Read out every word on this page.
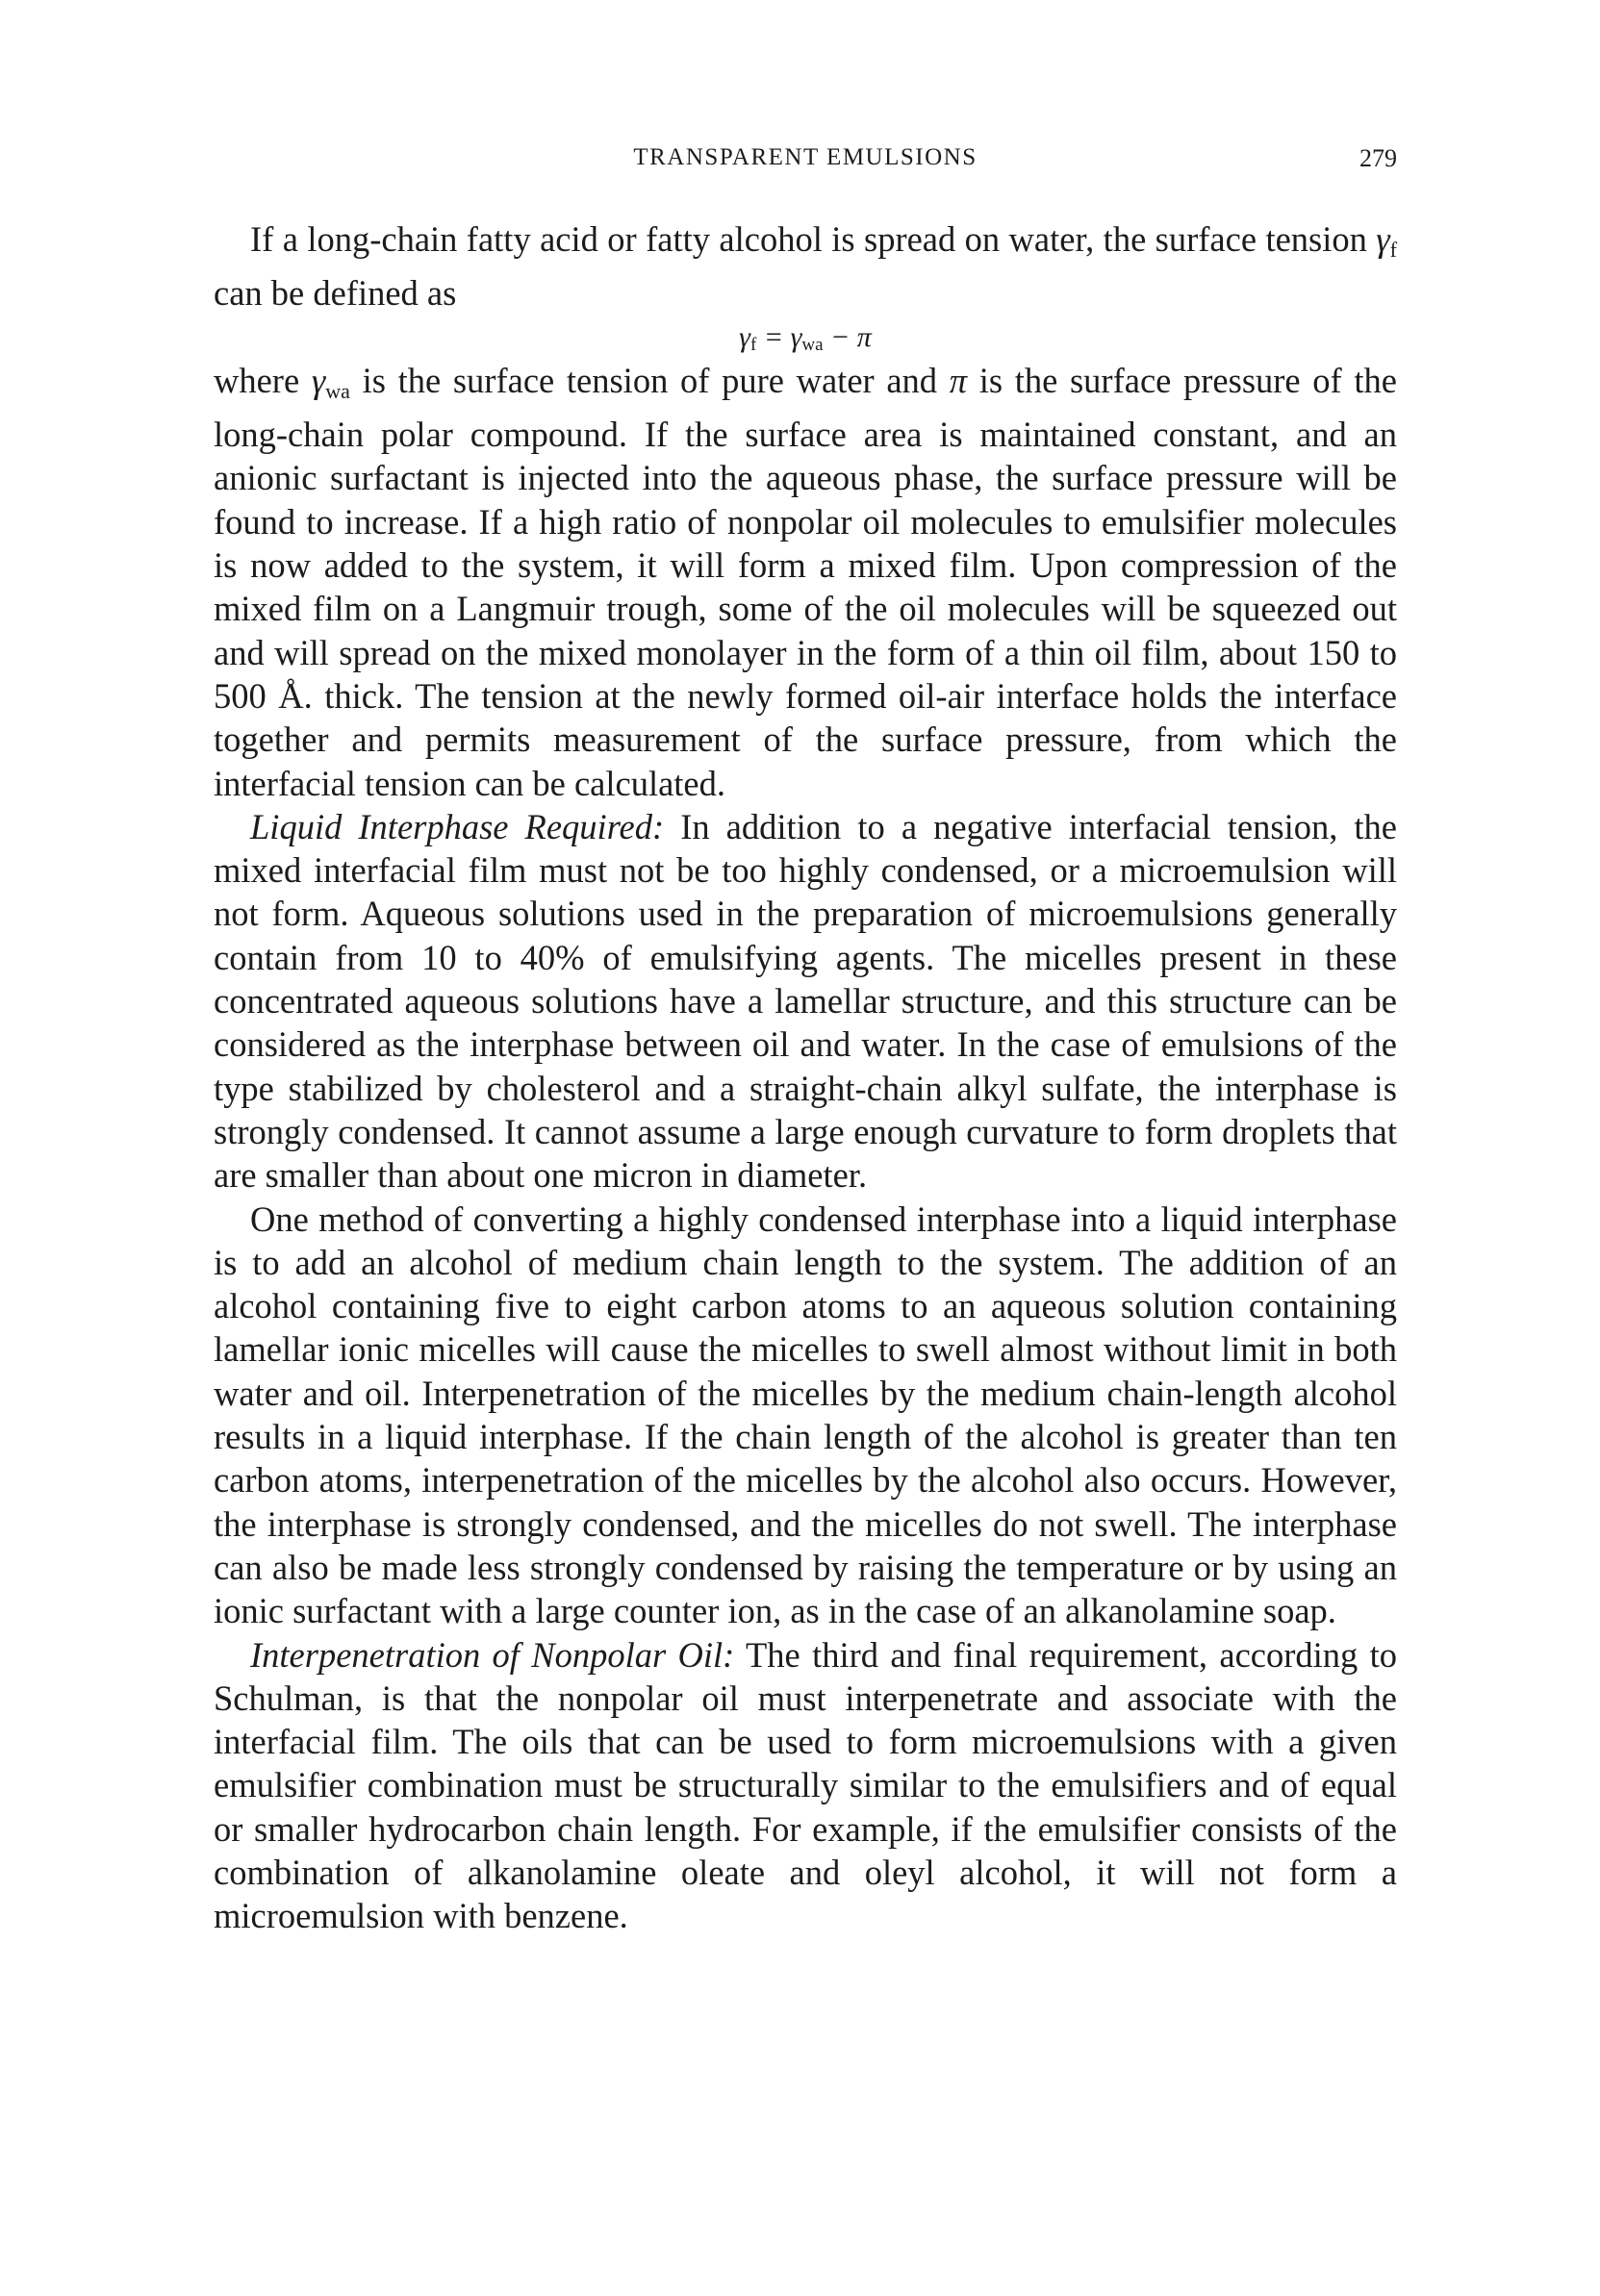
TRANSPARENT EMULSIONS	279

If a long-chain fatty acid or fatty alcohol is spread on water, the surface tension $\gamma_f$ can be defined as

$\gamma_f = \gamma_{wa} - \pi$

where $\gamma_{wa}$ is the surface tension of pure water and π is the surface pressure of the long-chain polar compound. If the surface area is maintained constant, and an anionic surfactant is injected into the aqueous phase, the surface pressure will be found to increase. If a high ratio of nonpolar oil molecules to emulsifier molecules is now added to the system, it will form a mixed film. Upon compression of the mixed film on a Langmuir trough, some of the oil molecules will be squeezed out and will spread on the mixed monolayer in the form of a thin oil film, about 150 to 500 Å. thick. The tension at the newly formed oil-air interface holds the interface together and permits measurement of the surface pressure, from which the interfacial tension can be calculated.

Liquid Interphase Required: In addition to a negative interfacial tension, the mixed interfacial film must not be too highly condensed, or a microemulsion will not form. Aqueous solutions used in the preparation of microemulsions generally contain from 10 to 40% of emulsifying agents. The micelles present in these concentrated aqueous solutions have a lamellar structure, and this structure can be considered as the interphase between oil and water. In the case of emulsions of the type stabilized by cholesterol and a straight-chain alkyl sulfate, the interphase is strongly condensed. It cannot assume a large enough curvature to form droplets that are smaller than about one micron in diameter.

One method of converting a highly condensed interphase into a liquid interphase is to add an alcohol of medium chain length to the system. The addition of an alcohol containing five to eight carbon atoms to an aqueous solution containing lamellar ionic micelles will cause the micelles to swell almost without limit in both water and oil. Interpenetration of the micelles by the medium chain-length alcohol results in a liquid interphase. If the chain length of the alcohol is greater than ten carbon atoms, interpenetration of the micelles by the alcohol also occurs. However, the interphase is strongly condensed, and the micelles do not swell. The interphase can also be made less strongly condensed by raising the temperature or by using an ionic surfactant with a large counter ion, as in the case of an alkanolamine soap.

Interpenetration of Nonpolar Oil: The third and final requirement, according to Schulman, is that the nonpolar oil must interpenetrate and associate with the interfacial film. The oils that can be used to form microemulsions with a given emulsifier combination must be structurally similar to the emulsifiers and of equal or smaller hydrocarbon chain length. For example, if the emulsifier consists of the combination of alkanolamine oleate and oleyl alcohol, it will not form a microemulsion with benzene.
